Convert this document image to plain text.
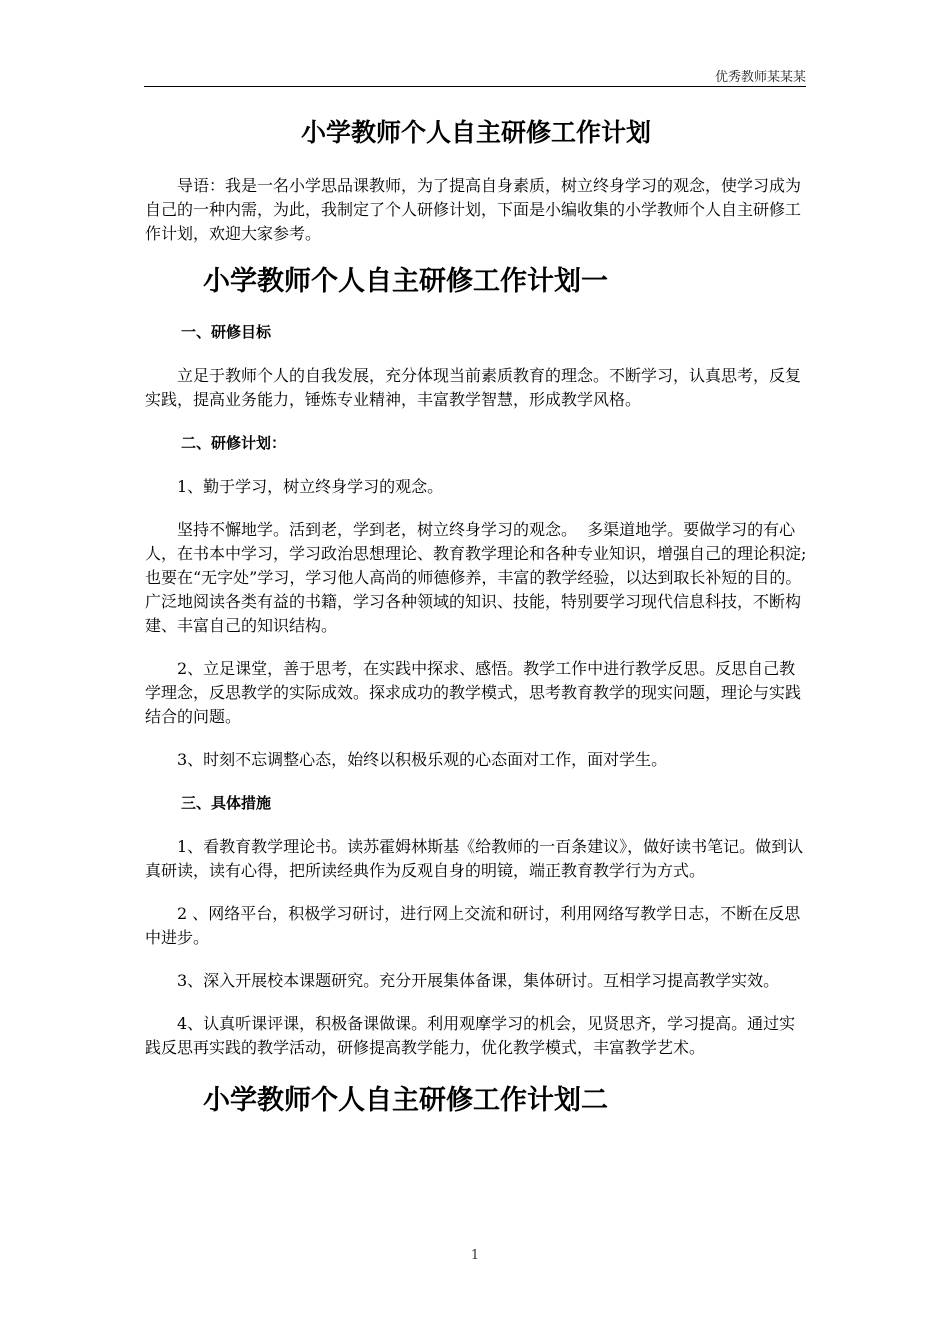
优秀教师某某某
小学教师个人自主研修工作计划

导语：我是一名小学思品课教师，为了提高自身素质，树立终身学习的观念，使学习成为自己的一种内需，为此，我制定了个人研修计划，下面是小编收集的小学教师个人自主研修工作计划，欢迎大家参考。

小学教师个人自主研修工作计划一
一、研修目标

立足于教师个人的自我发展，充分体现当前素质教育的理念。不断学习，认真思考，反复实践，提高业务能力，锤炼专业精神，丰富教学智慧，形成教学风格。

二、研修计划：

1、勤于学习，树立终身学习的观念。

坚持不懈地学。活到老，学到老，树立终身学习的观念。  多渠道地学。要做学习的有心人，在书本中学习，学习政治思想理论、教育教学理论和各种专业知识，增强自己的理论积淀;也要在“无字处”学习，学习他人高尚的师德修养，丰富的教学经验，以达到取长补短的目的。广泛地阅读各类有益的书籍，学习各种领域的知识、技能，特别要学习现代信息科技，不断构建、丰富自己的知识结构。

2、立足课堂，善于思考，在实践中探求、感悟。教学工作中进行教学反思。反思自己教学理念，反思教学的实际成效。探求成功的教学模式，思考教育教学的现实问题，理论与实践结合的问题。

3、时刻不忘调整心态，始终以积极乐观的心态面对工作，面对学生。

三、具体措施

1、看教育教学理论书。读苏霍姆林斯基《给教师的一百条建议》，做好读书笔记。做到认真研读，读有心得，把所读经典作为反观自身的明镜，端正教育教学行为方式。

2 、网络平台，积极学习研讨，进行网上交流和研讨，利用网络写教学日志，不断在反思中进步。

3、深入开展校本课题研究。充分开展集体备课，集体研讨。互相学习提高教学实效。

4、认真听课评课，积极备课做课。利用观摩学习的机会，见贤思齐，学习提高。通过实践反思再实践的教学活动，研修提高教学能力，优化教学模式，丰富教学艺术。

小学教师个人自主研修工作计划二
1
